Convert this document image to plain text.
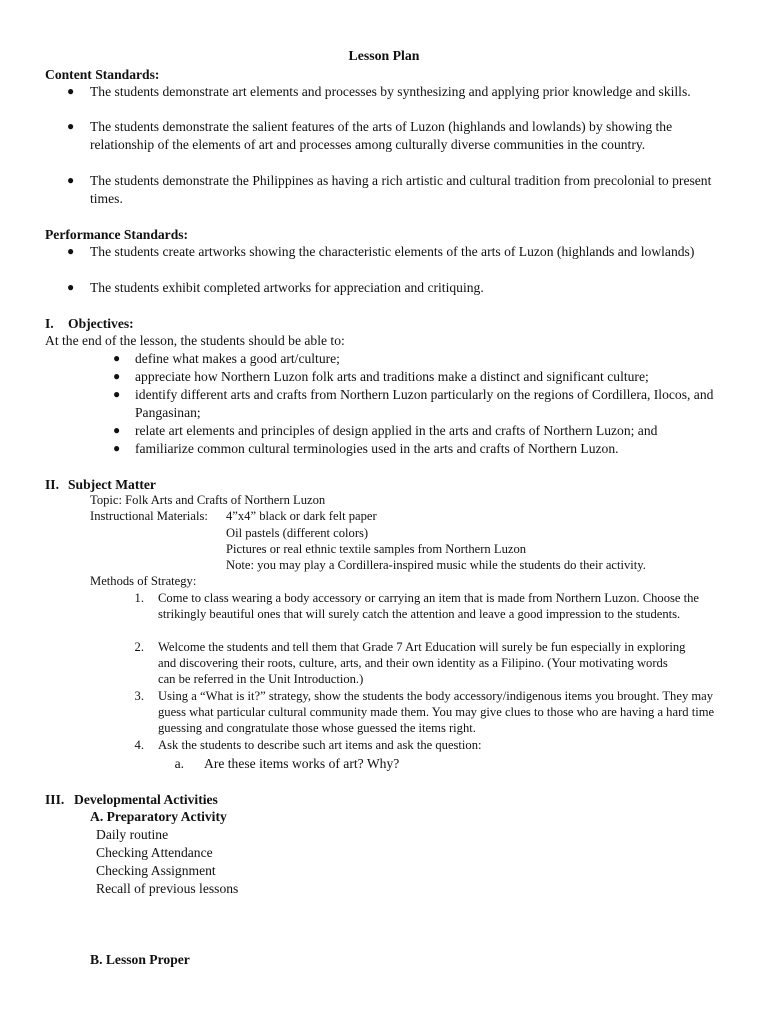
Lesson Plan
Content Standards:
● The students demonstrate art elements and processes by synthesizing and applying prior knowledge and skills.
● The students demonstrate the salient features of the arts of Luzon (highlands and lowlands) by showing the relationship of the elements of art and processes among culturally diverse communities in the country.
● The students demonstrate the Philippines as having a rich artistic and cultural tradition from precolonial to present times.
Performance Standards:
● The students create artworks showing the characteristic elements of the arts of Luzon (highlands and lowlands)
● The students exhibit completed artworks for appreciation and critiquing.
I. Objectives:
At the end of the lesson, the students should be able to:
● define what makes a good art/culture;
● appreciate how Northern Luzon folk arts and traditions make a distinct and significant culture;
● identify different arts and crafts from Northern Luzon particularly on the regions of Cordillera, Ilocos, and Pangasinan;
● relate art elements and principles of design applied in the arts and crafts of Northern Luzon; and
● familiarize common cultural terminologies used in the arts and crafts of Northern Luzon.
II. Subject Matter
Topic: Folk Arts and Crafts of Northern Luzon
Instructional Materials: 4”x4” black or dark felt paper
Oil pastels (different colors)
Pictures or real ethnic textile samples from Northern Luzon
Note: you may play a Cordillera-inspired music while the students do their activity.
Methods of Strategy:
1. Come to class wearing a body accessory or carrying an item that is made from Northern Luzon. Choose the strikingly beautiful ones that will surely catch the attention and leave a good impression to the students.
2. Welcome the students and tell them that Grade 7 Art Education will surely be fun especially in exploring and discovering their roots, culture, arts, and their own identity as a Filipino. (Your motivating words can be referred in the Unit Introduction.)
3. Using a “What is it?” strategy, show the students the body accessory/indigenous items you brought. They may guess what particular cultural community made them. You may give clues to those who are having a hard time guessing and congratulate those whose guessed the items right.
4. Ask the students to describe such art items and ask the question:
a. Are these items works of art? Why?
III. Developmental Activities
A. Preparatory Activity
Daily routine
Checking Attendance
Checking Assignment
Recall of previous lessons
B. Lesson Proper
